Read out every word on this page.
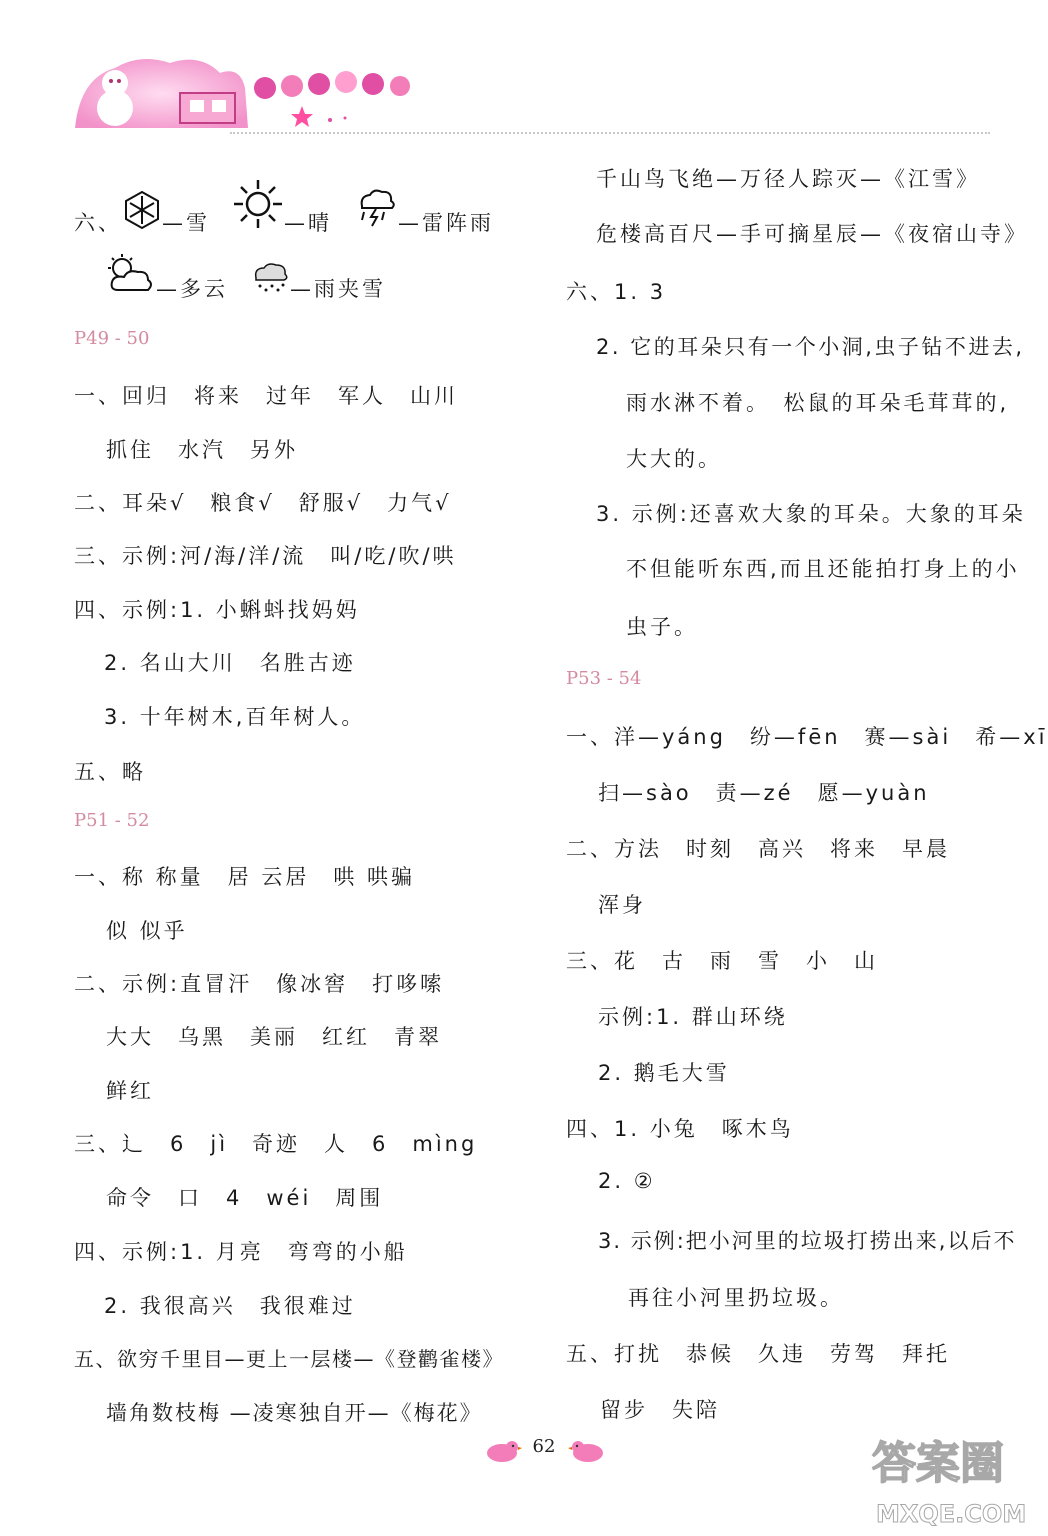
六、 —雪	—晴	—雷阵雨
—多云	—雨夹雪
P49 - 50
一、回归　将来　过年　军人　山川
抓住　水汽　另外
二、耳朵√　粮食√　舒服√　力气√
三、示例:河/海/洋/流　叫/吃/吹/哄
四、示例:1. 小蝌蚪找妈妈
2. 名山大川　名胜古迹
3. 十年树木,百年树人。
五、略
P51 - 52
一、称 称量　居 云居　哄 哄骗
似 似乎
二、示例:直冒汗　像冰窖　打哆嗦
大大　乌黑　美丽　红红　青翠
鲜红
三、辶　6　jì　奇迹　人　6　mìng
命令　口　4　wéi　周围
四、示例:1. 月亮　弯弯的小船
2. 我很高兴　我很难过
五、欲穷千里目—更上一层楼—《登鹳雀楼》
墙角数枝梅 —凌寒独自开—《梅花》
千山鸟飞绝—万径人踪灭—《江雪》
危楼高百尺—手可摘星辰—《夜宿山寺》
六、1. 3
2. 它的耳朵只有一个小洞,虫子钻不进去,
雨水淋不着。　松鼠的耳朵毛茸茸的,
大大的。
3. 示例:还喜欢大象的耳朵。大象的耳朵
不但能听东西,而且还能拍打身上的小
虫子。
P53 - 54
一、洋—yáng　纷—fēn　赛—sài　希—xī
扫—sào　责—zé　愿—yuàn
二、方法　时刻　高兴　将来　早晨
浑身
三、花　古　雨　雪　小　山
示例:1. 群山环绕
2. 鹅毛大雪
四、1. 小兔　啄木鸟
2. ②
3. 示例:把小河里的垃圾打捞出来,以后不
再往小河里扔垃圾。
五、打扰　恭候　久违　劳驾　拜托
留步　失陪
62	答案圈
MXQE.COM
